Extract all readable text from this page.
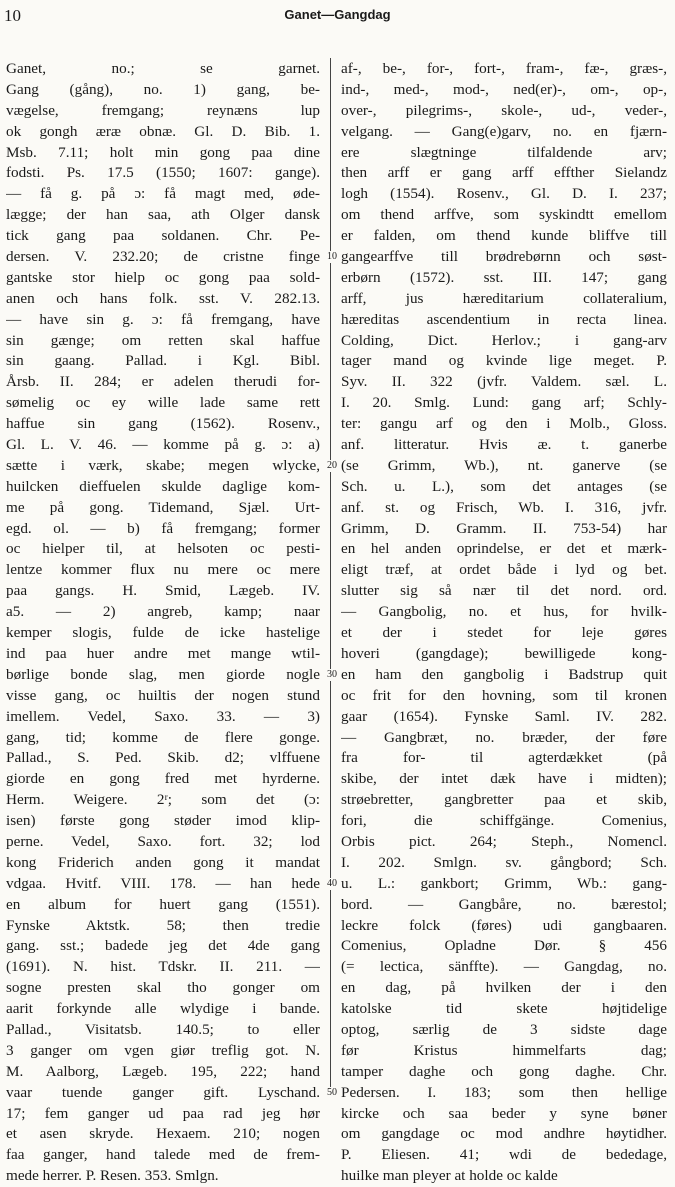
10	Ganet—Gangdag
Ganet, no.; se garnet.
Gang (gång), no. 1) gang, be-
vægelse, fremgang; reynæns lup
ok gongh æræ obnæ. Gl. D. Bib. 1.
Msb. 7.11; holt min gong paa dine
fodsti. Ps. 17.5 (1550; 1607: gange).
— få g. på ɔ: få magt med, øde-
lægge; der han saa, ath Olger dansk
tick gang paa soldanen. Chr. Pe-
dersen. V. 232.20; de cristne finge
gantske stor hielp oc gong paa sold-
anen och hans folk. sst. V. 282.13.
— have sin g. ɔ: få fremgang, have
sin gænge; om retten skal haffue
sin gaang. Pallad. i Kgl. Bibl.
Årsb. II. 284; er adelen therudi for-
sømelig oc ey wille lade same rett
haffue sin gang (1562). Rosenv.,
Gl. L. V. 46. — komme på g. ɔ: a)
sætte i værk, skabe; megen wlycke,
huilcken dieffuelen skulde daglige kom-
me på gong. Tidemand, Sjæl. Urt-
egd. ol. — b) få fremgang; former
oc hielper til, at helsoten oc pesti-
lentze kommer flux nu mere oc mere
paa gangs. H. Smid, Lægeb. IV.
a5. — 2) angreb, kamp; naar
kemper slogis, fulde de icke hastelige
ind paa huer andre met mange wtil-
børlige bonde slag, men giorde nogle
visse gang, oc huiltis der nogen stund
imellem. Vedel, Saxo. 33. — 3)
gang, tid; komme de flere gonge.
Pallad., S. Ped. Skib. d2; vlffuene
giorde en gong fred met hyrderne.
Herm. Weigere. 2ʳ; som det (ɔ:
isen) første gong støder imod klip-
perne. Vedel, Saxo. fort. 32; lod
kong Friderich anden gong it mandat
vdgaa. Hvitf. VIII. 178. — han hede
en album for huert gang (1551).
Fynske Aktstk. 58; then tredie
gang. sst.; badede jeg det 4de gang
(1691). N. hist. Tdskr. II. 211. —
sogne presten skal tho gonger om
aarit forkynde alle wlydige i bande.
Pallad., Visitatsb. 140.5; to eller
3 ganger om vgen giør treflig got. N.
M. Aalborg, Lægeb. 195, 222; hand
vaar tuende ganger gift. Lyschand.
17; fem ganger ud paa rad jeg hør
et asen skryde. Hexaem. 210; nogen
faa ganger, hand talede med de frem-
mede herrer. P. Resen. 353. Smlgn.
af-, be-, for-, fort-, fram-, fæ-, græs-,
ind-, med-, mod-, ned(er)-, om-, op-,
over-, pilegrims-, skole-, ud-, veder-,
velgang. — Gang(e)garv, no. en fjærn-
ere slægtninge tilfaldende arv;
then arff er gang arff effther Sielandz
logh (1554). Rosenv., Gl. D. I. 237;
om thend arffve, som syskindtt emellom
er falden, om thend kunde bliffve till
gangearffve till brødrebørnn och søst-
erbørn (1572). sst. III. 147; gang
arff, jus hæreditarium collateralium,
hæreditas ascendentium in recta linea.
Colding, Dict. Herlov.; i gang-arv
tager mand og kvinde lige meget. P.
Syv. II. 322 (jvfr. Valdem. sæl. L.
I. 20. Smlg. Lund: gang arf; Schly-
ter: gangu arf og den i Molb., Gloss.
anf. litteratur. Hvis æ. t. ganerbe
(se Grimm, Wb.), nt. ganerve (se
Sch. u. L.), som det antages (se
anf. st. og Frisch, Wb. I. 316, jvfr.
Grimm, D. Gramm. II. 753-54) har
en hel anden oprindelse, er det et mærk-
eligt træf, at ordet både i lyd og bet.
slutter sig så nær til det nord. ord.
— Gangbolig, no. et hus, for hvilk-
et der i stedet for leje gøres
hoveri (gangdage); bewilligede kong-
en ham den gangbolig i Badstrup quit
oc frit for den hovning, som til kronen
gaar (1654). Fynske Saml. IV. 282.
— Gangbræt, no. bræder, der føre
fra for- til agterdækket (på
skibe, der intet dæk have i midten);
strøebretter, gangbretter paa et skib,
fori, die schiffgänge. Comenius,
Orbis pict. 264; Steph., Nomencl.
I. 202. Smlgn. sv. gångbord; Sch.
u. L.: gankbort; Grimm, Wb.: gang-
bord. — Gangbåre, no. bærestol;
leckre folck (føres) udi gangbaaren.
Comenius, Opladne Dør. § 456
(= lectica, sänffte). — Gangdag, no.
en dag, på hvilken der i den
katolske tid skete højtidelige
optog, særlig de 3 sidste dage
før Kristus himmelfarts dag;
tamper daghe och gong daghe. Chr.
Pedersen. I. 183; som then hellige
kircke och saa beder y syne bøner
om gangdage oc mod andhre høytidher.
P. Eliesen. 41; wdi de bededage,
huilke man pleyer at holde oc kalde
10
20
30
40
50
